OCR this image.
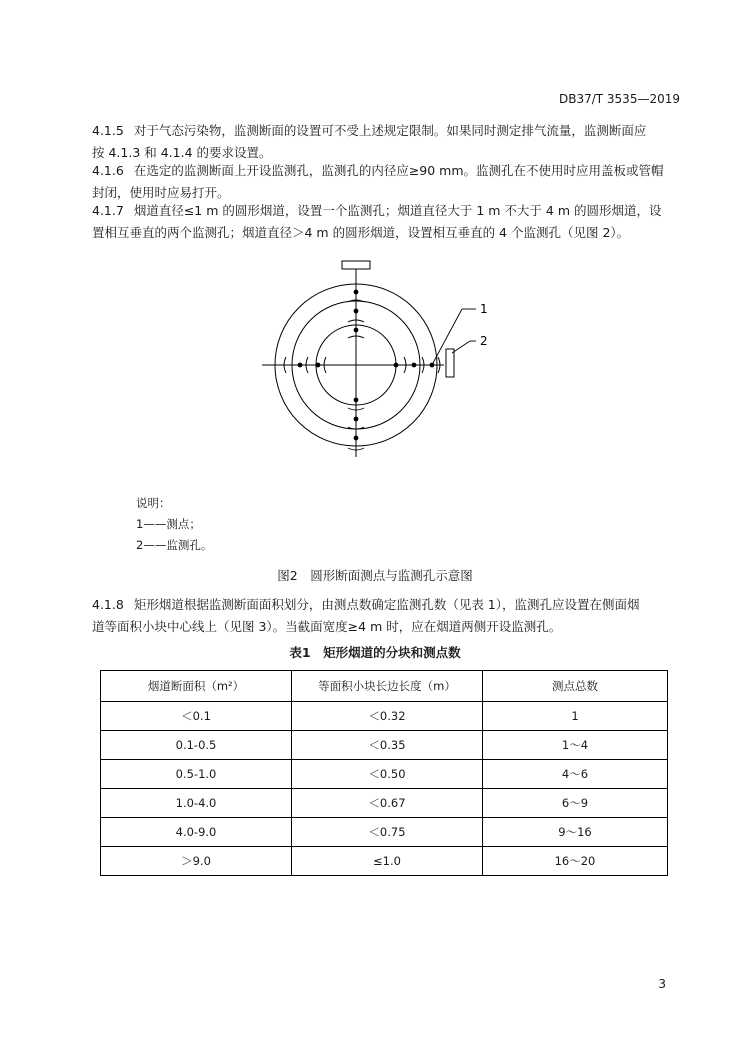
DB37/T 3535—2019
4.1.5 对于气态污染物，监测断面的设置可不受上述规定限制。如果同时测定排气流量，监测断面应
按 4.1.3 和 4.1.4 的要求设置。
4.1.6 在选定的监测断面上开设监测孔，监测孔的内径应≥90 mm。监测孔在不使用时应用盖板或管帽
封闭，使用时应易打开。
4.1.7 烟道直径≤1 m 的圆形烟道，设置一个监测孔；烟道直径大于 1 m 不大于 4 m 的圆形烟道，设
置相互垂直的两个监测孔；烟道直径＞4 m 的圆形烟道，设置相互垂直的 4 个监测孔（见图 2）。
1
2
说明：
1——测点；
2——监测孔。
图2　圆形断面测点与监测孔示意图
4.1.8 矩形烟道根据监测断面面积划分，由测点数确定监测孔数（见表 1），监测孔应设置在侧面烟
道等面积小块中心线上（见图 3）。当截面宽度≥4 m 时，应在烟道两侧开设监测孔。
表1　矩形烟道的分块和测点数
烟道断面积（m²）	等面积小块长边长度（m）	测点总数
＜0.1	＜0.32	1
0.1-0.5	＜0.35	1～4
0.5-1.0	＜0.50	4～6
1.0-4.0	＜0.67	6～9
4.0-9.0	＜0.75	9～16
＞9.0	≤1.0	16～20
3
